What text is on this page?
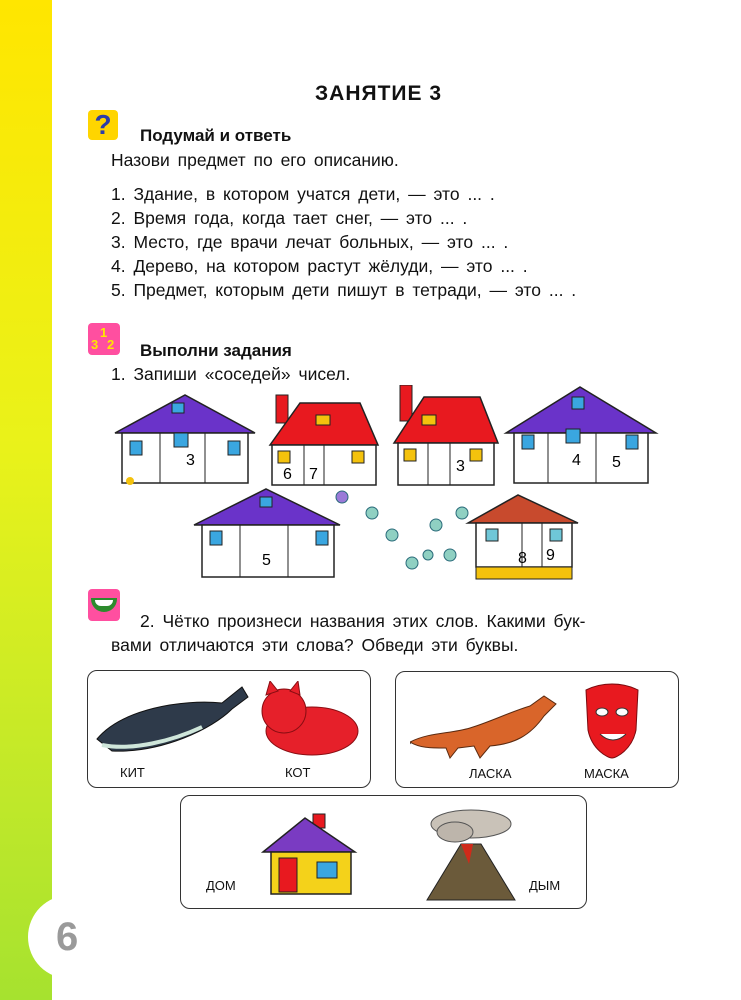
6
ЗАНЯТИЕ 3
?	Подумай и ответь
Назови предмет по его описанию.
1. Здание, в котором учатся дети, — это ... .
2. Время года, когда тает снег, — это ... .
3. Место, где врачи лечат больных, — это ... .
4. Дерево, на котором растут жёлуди, — это ... .
5. Предмет, которым дети пишут в тетради, — это ... .
3
1
2 Выполни задания
1. Запиши «соседей» чисел.
3
6 7	3	4 5
5	8 9
2. Чётко произнеси названия этих слов. Какими бук-
вами отличаются эти слова? Обведи эти буквы.
КИТ	КОТ	ЛАСКА	МАСКА
ДОМ	ДЫМ
